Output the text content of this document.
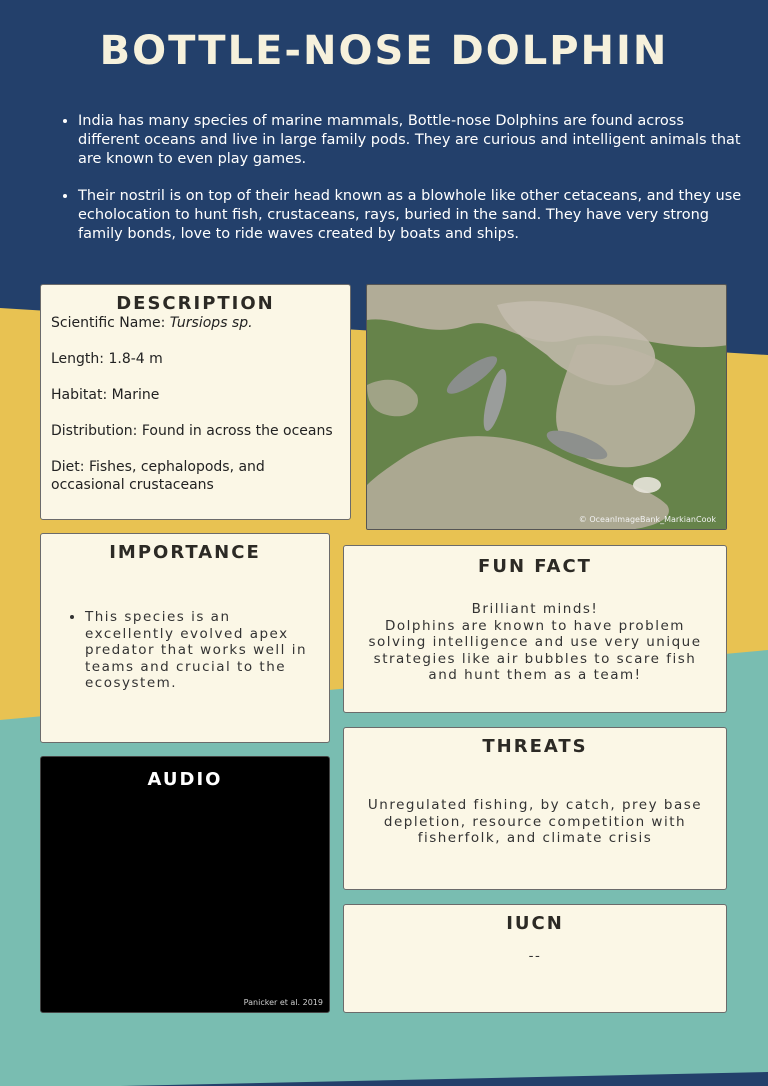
BOTTLE-NOSE DOLPHIN
• India has many species of marine mammals, Bottle-nose Dolphins are found across different oceans and live in large family pods. They are curious and intelligent animals that are known to even play games.
• Their nostril is on top of their head known as a blowhole like other cetaceans, and they use echolocation to hunt fish, crustaceans, rays, buried in the sand. They have very strong family bonds, love to ride waves created by boats and ships.
DESCRIPTION

Scientific Name: Tursiops sp.

Length: 1.8-4 m

Habitat: Marine

Distribution: Found in across the oceans

Diet: Fishes, cephalopods, and occasional crustaceans

© OceanImageBank_MarkianCook
IMPORTANCE
• This species is an excellently evolved apex predator that works well in teams and crucial to the ecosystem.
AUDIO
Panicker et al. 2019
FUN FACT

Brilliant minds!
Dolphins are known to have problem solving intelligence and use very unique strategies like air bubbles to scare fish and hunt them as a team!

THREATS

Unregulated fishing, by catch, prey base depletion, resource competition with fisherfolk, and climate crisis

IUCN

--
